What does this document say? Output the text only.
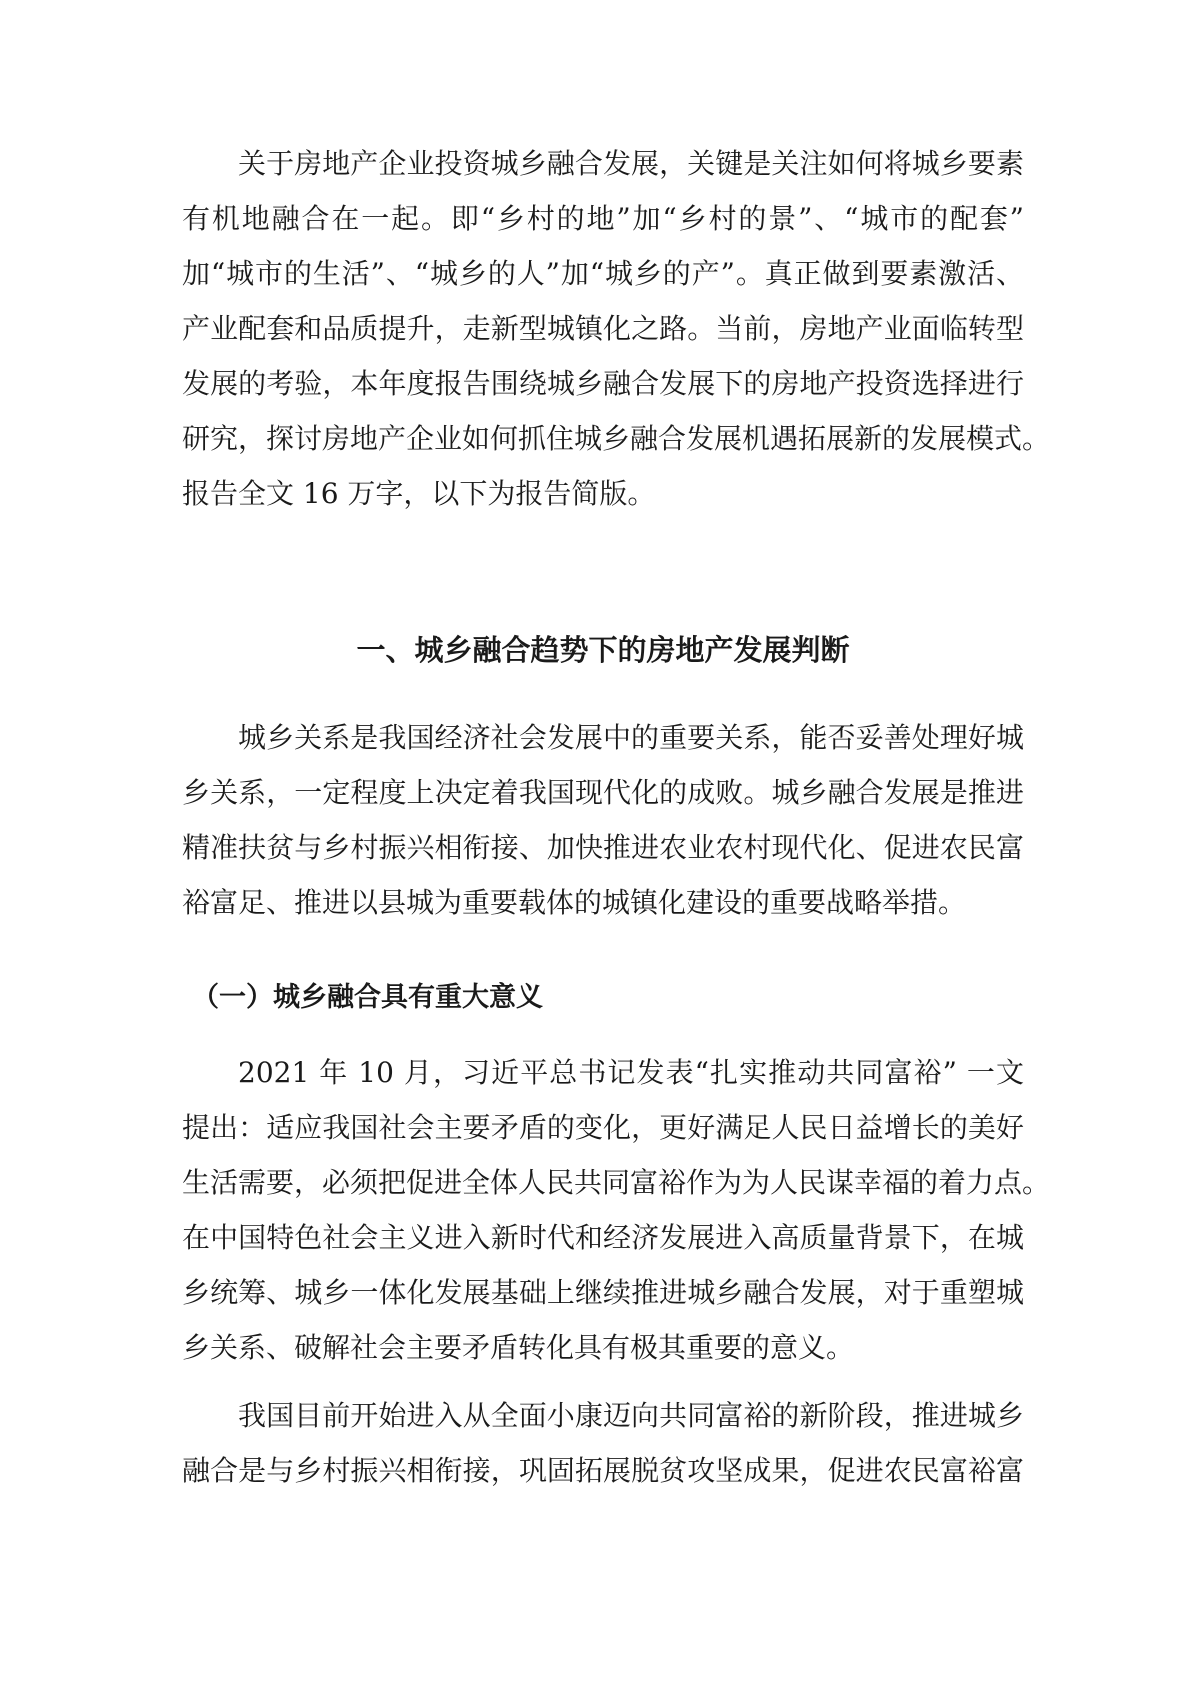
关于房地产企业投资城乡融合发展，关键是关注如何将城乡要素
有机地融合在一起。即“乡村的地”加“乡村的景”、“城市的配套”
加“城市的生活”、“城乡的人”加“城乡的产”。真正做到要素激活、
产业配套和品质提升，走新型城镇化之路。当前，房地产业面临转型
发展的考验，本年度报告围绕城乡融合发展下的房地产投资选择进行
研究，探讨房地产企业如何抓住城乡融合发展机遇拓展新的发展模式。
报告全文 16 万字，以下为报告简版。
一、城乡融合趋势下的房地产发展判断
城乡关系是我国经济社会发展中的重要关系，能否妥善处理好城
乡关系，一定程度上决定着我国现代化的成败。城乡融合发展是推进
精准扶贫与乡村振兴相衔接、加快推进农业农村现代化、促进农民富
裕富足、推进以县城为重要载体的城镇化建设的重要战略举措。
（一）城乡融合具有重大意义
2021 年 10 月，习近平总书记发表“扎实推动共同富裕” 一文
提出：适应我国社会主要矛盾的变化，更好满足人民日益增长的美好
生活需要，必须把促进全体人民共同富裕作为为人民谋幸福的着力点。
在中国特色社会主义进入新时代和经济发展进入高质量背景下，在城
乡统筹、城乡一体化发展基础上继续推进城乡融合发展，对于重塑城
乡关系、破解社会主要矛盾转化具有极其重要的意义。
我国目前开始进入从全面小康迈向共同富裕的新阶段，推进城乡
融合是与乡村振兴相衔接，巩固拓展脱贫攻坚成果，促进农民富裕富
